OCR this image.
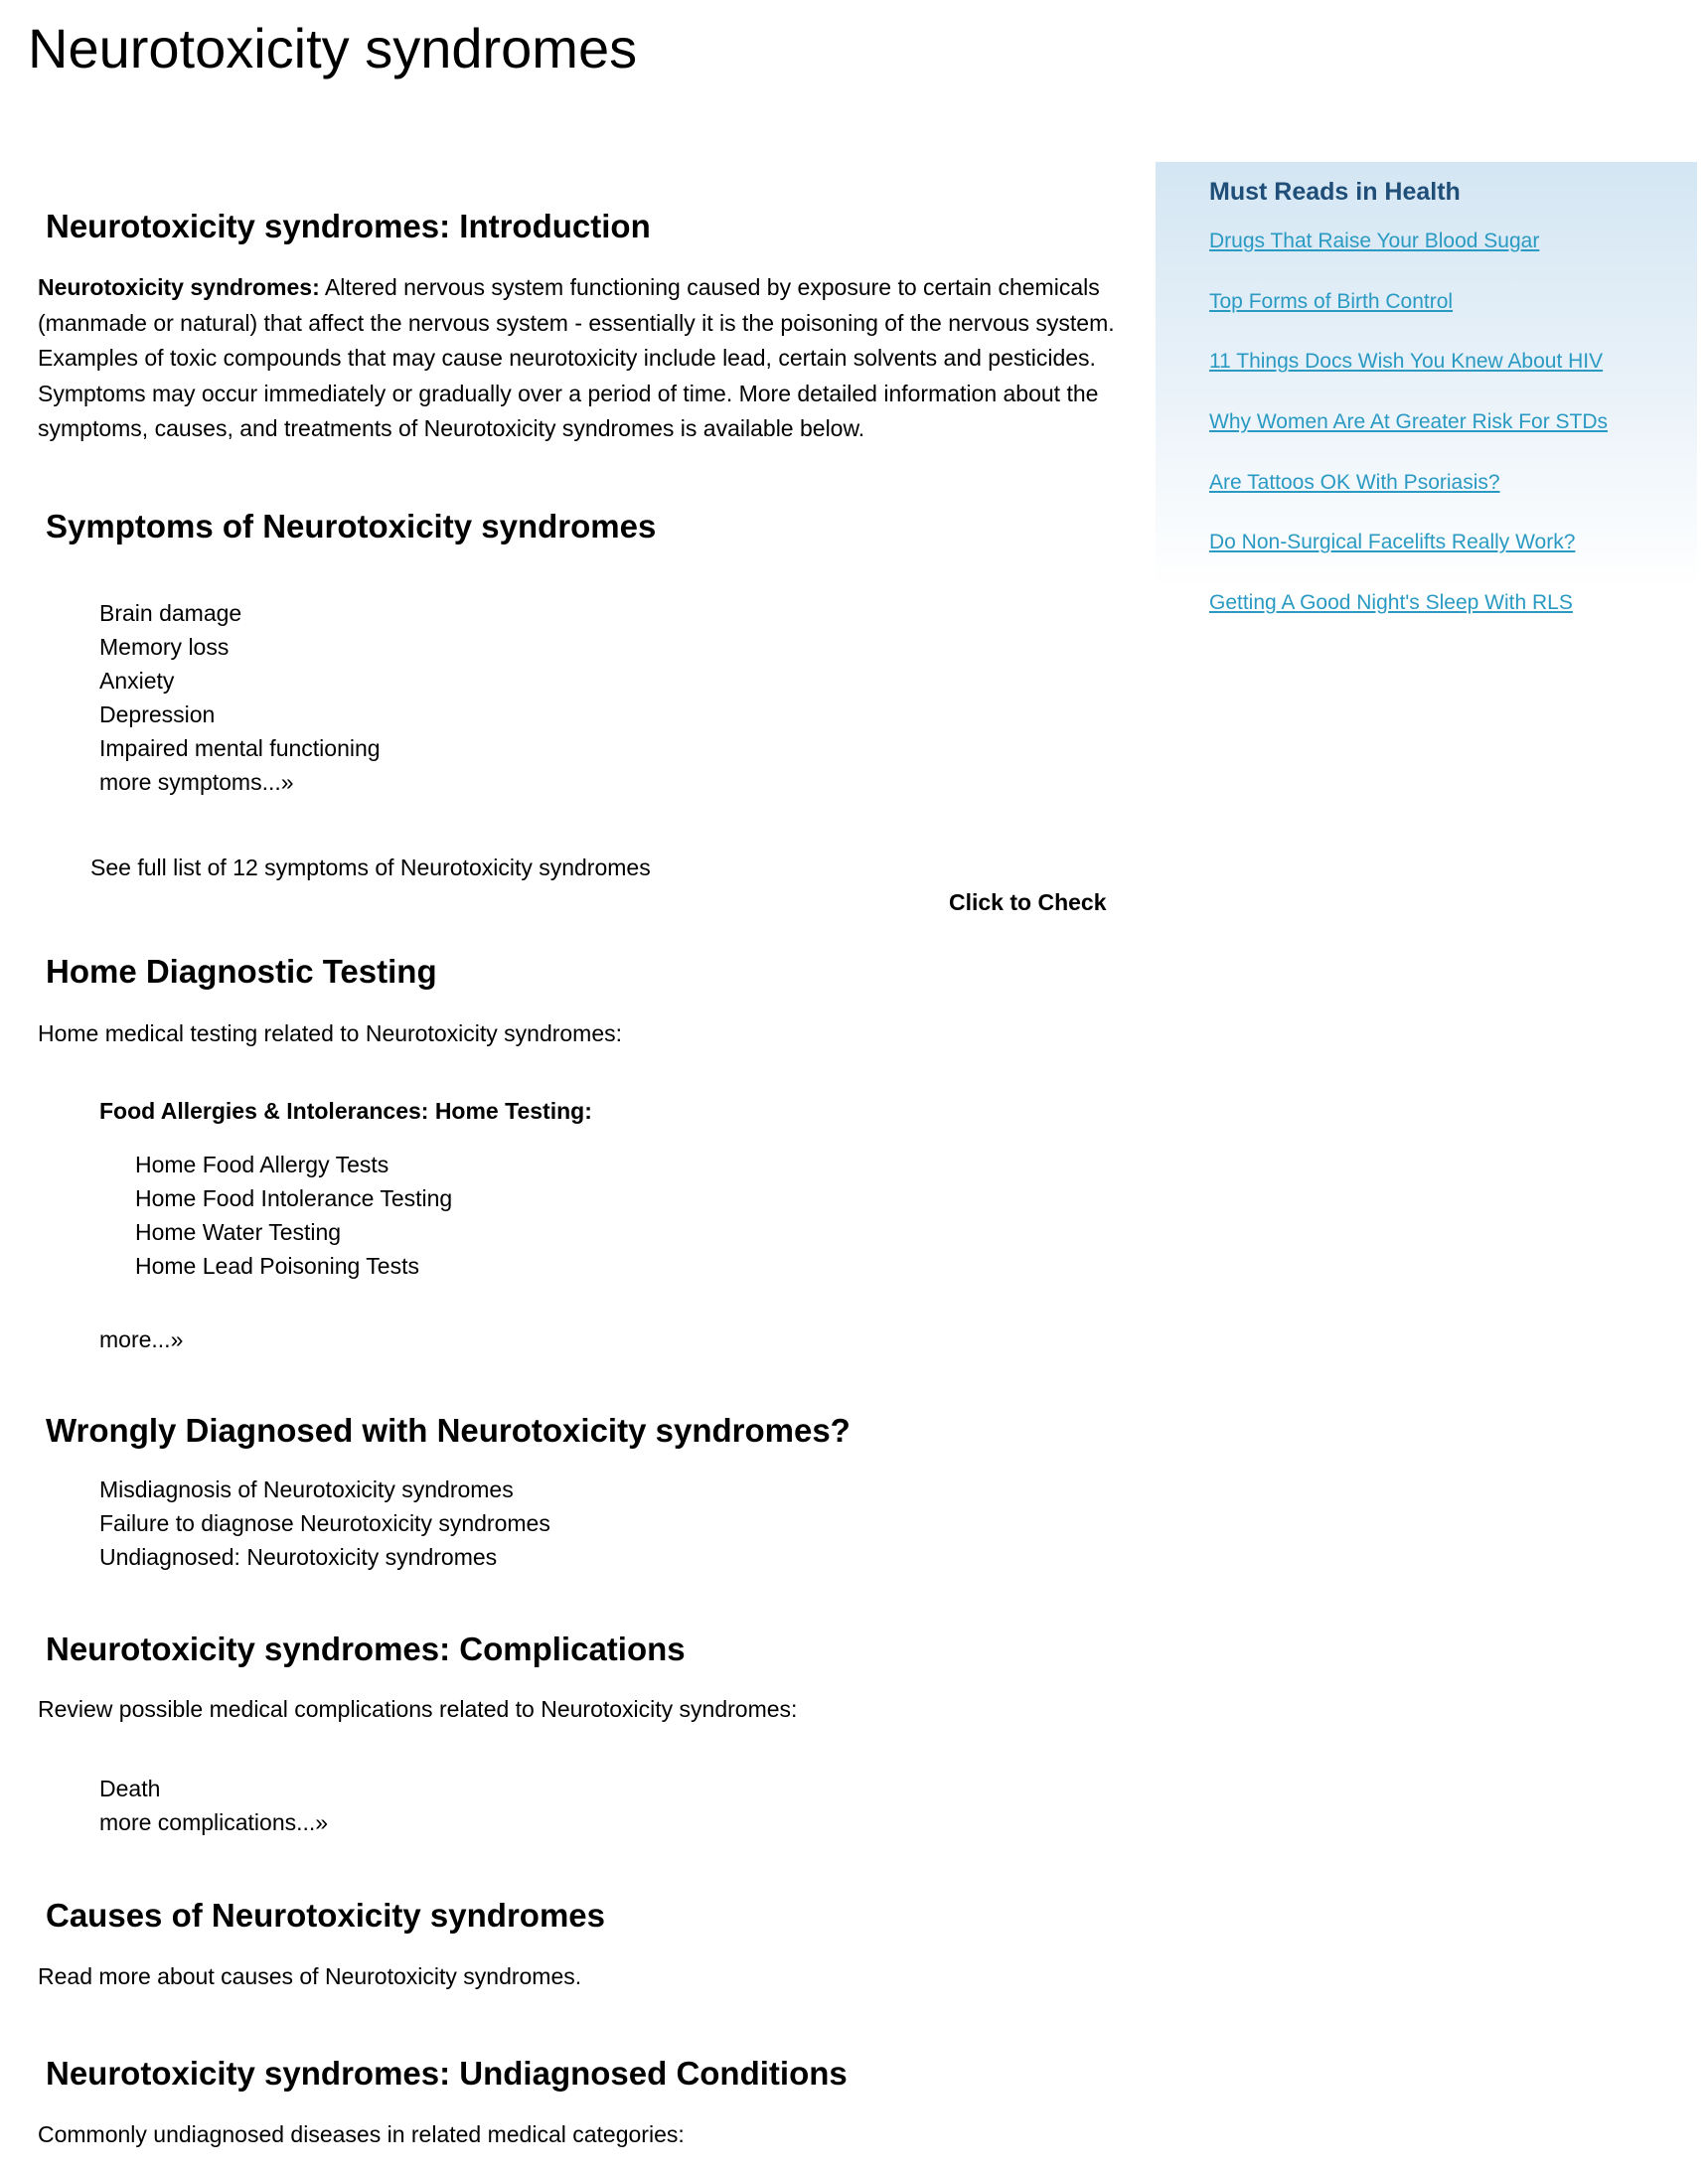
Neurotoxicity syndromes
Neurotoxicity syndromes: Introduction

Neurotoxicity syndromes: Altered nervous system functioning caused by exposure to certain chemicals (manmade or natural) that affect the nervous system - essentially it is the poisoning of the nervous system. Examples of toxic compounds that may cause neurotoxicity include lead, certain solvents and pesticides. Symptoms may occur immediately or gradually over a period of time. More detailed information about the symptoms, causes, and treatments of Neurotoxicity syndromes is available below.

Symptoms of Neurotoxicity syndromes
Brain damage
Memory loss
Anxiety
Depression
Impaired mental functioning
more symptoms...»

See full list of 12 symptoms of Neurotoxicity syndromes

Click to Check

Home Diagnostic Testing

Home medical testing related to Neurotoxicity syndromes:

Food Allergies & Intolerances: Home Testing:

Home Food Allergy Tests
Home Food Intolerance Testing
Home Water Testing
Home Lead Poisoning Tests

more...»

Wrongly Diagnosed with Neurotoxicity syndromes?
Misdiagnosis of Neurotoxicity syndromes
Failure to diagnose Neurotoxicity syndromes
Undiagnosed: Neurotoxicity syndromes
Neurotoxicity syndromes: Complications

Review possible medical complications related to Neurotoxicity syndromes:

Death
more complications...»
Causes of Neurotoxicity syndromes

Read more about causes of Neurotoxicity syndromes.

Neurotoxicity syndromes: Undiagnosed Conditions

Commonly undiagnosed diseases in related medical categories:

Must Reads in Health
Drugs That Raise Your Blood Sugar
Top Forms of Birth Control
11 Things Docs Wish You Knew About HIV
Why Women Are At Greater Risk For STDs
Are Tattoos OK With Psoriasis?
Do Non-Surgical Facelifts Really Work?
Getting A Good Night's Sleep With RLS
